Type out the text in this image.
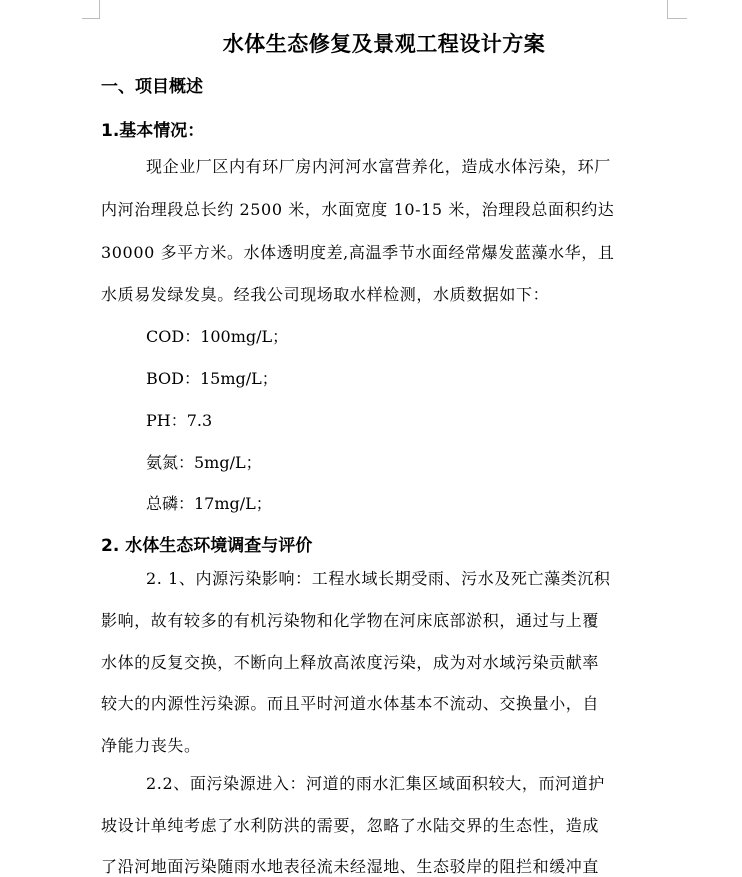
水体生态修复及景观工程设计方案
一、项目概述
1.基本情况：
现企业厂区内有环厂房内河河水富营养化，造成水体污染，环厂
内河治理段总长约 2500 米，水面宽度 10-15 米，治理段总面积约达
30000 多平方米。水体透明度差,高温季节水面经常爆发蓝藻水华，且
水质易发绿发臭。经我公司现场取水样检测，水质数据如下：
COD：100mg/L；
BOD：15mg/L；
PH：7.3
氨氮：5mg/L；
总磷：17mg/L；
2. 水体生态环境调查与评价
2. 1、内源污染影响：工程水域长期受雨、污水及死亡藻类沉积
影响，故有较多的有机污染物和化学物在河床底部淤积，通过与上覆
水体的反复交换，不断向上释放高浓度污染，成为对水域污染贡献率
较大的内源性污染源。而且平时河道水体基本不流动、交换量小，自
净能力丧失。
2.2、面污染源进入：河道的雨水汇集区域面积较大，而河道护
坡设计单纯考虑了水利防洪的需要，忽略了水陆交界的生态性，造成
了沿河地面污染随雨水地表径流未经湿地、生态驳岸的阻拦和缓冲直
